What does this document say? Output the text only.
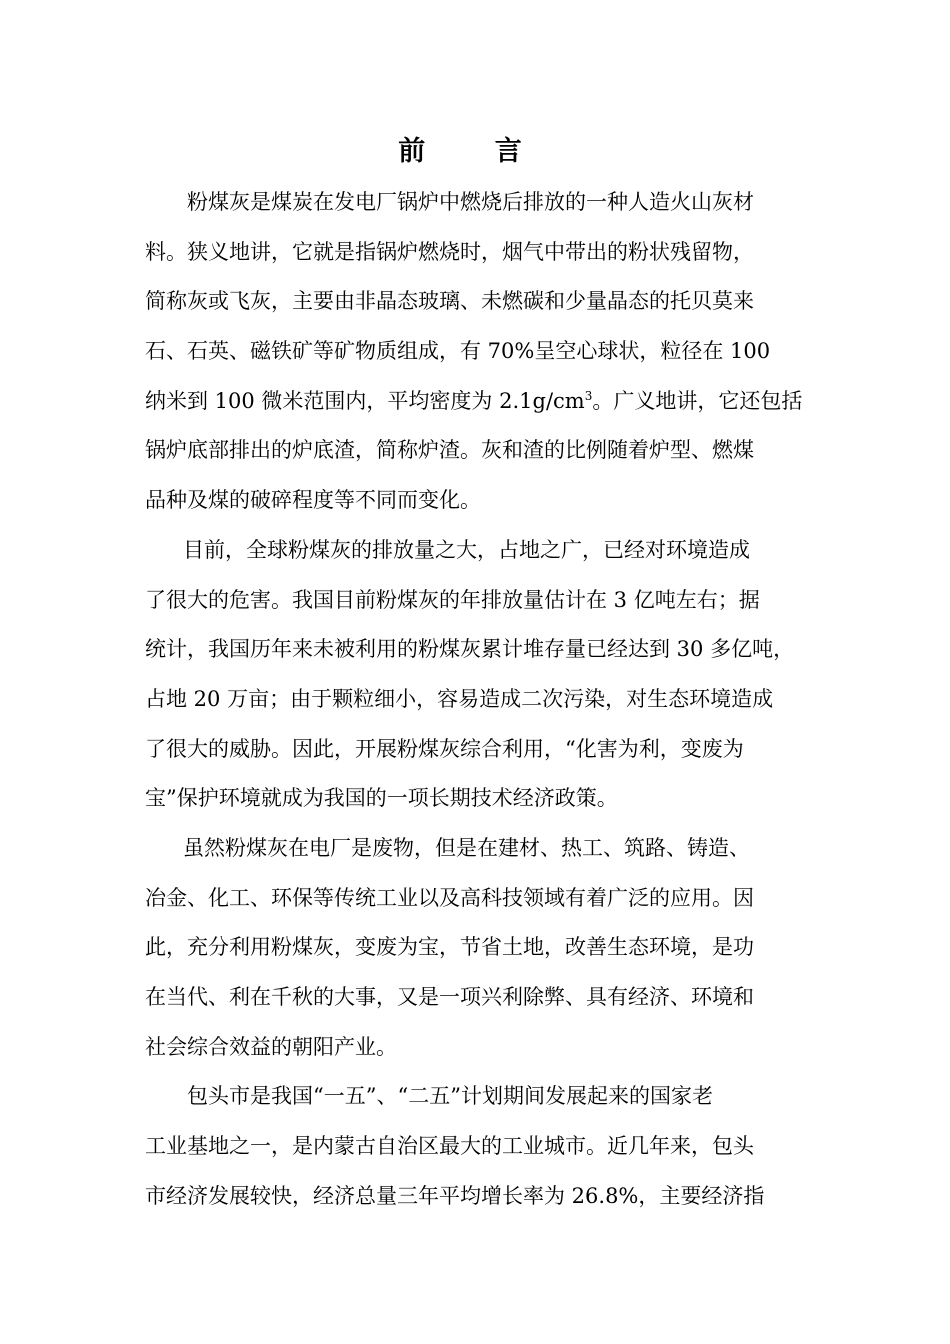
前 言
粉煤灰是煤炭在发电厂锅炉中燃烧后排放的一种人造火山灰材
料。狭义地讲，它就是指锅炉燃烧时，烟气中带出的粉状残留物，
简称灰或飞灰，主要由非晶态玻璃、未燃碳和少量晶态的托贝莫来
石、石英、磁铁矿等矿物质组成，有 70%呈空心球状，粒径在 100
纳米到 100 微米范围内，平均密度为 $2.1g/cm^3$。广义地讲，它还包括
锅炉底部排出的炉底渣，简称炉渣。灰和渣的比例随着炉型、燃煤
品种及煤的破碎程度等不同而变化。
目前，全球粉煤灰的排放量之大，占地之广，已经对环境造成
了很大的危害。我国目前粉煤灰的年排放量估计在 3 亿吨左右；据
统计，我国历年来未被利用的粉煤灰累计堆存量已经达到 30 多亿吨，
占地 20 万亩；由于颗粒细小，容易造成二次污染，对生态环境造成
了很大的威胁。因此，开展粉煤灰综合利用，“化害为利，变废为
宝”保护环境就成为我国的一项长期技术经济政策。
虽然粉煤灰在电厂是废物，但是在建材、热工、筑路、铸造、
冶金、化工、环保等传统工业以及高科技领域有着广泛的应用。因
此，充分利用粉煤灰，变废为宝，节省土地，改善生态环境，是功
在当代、利在千秋的大事，又是一项兴利除弊、具有经济、环境和
社会综合效益的朝阳产业。
包头市是我国“一五”、“二五”计划期间发展起来的国家老
工业基地之一，是内蒙古自治区最大的工业城市。近几年来，包头
市经济发展较快，经济总量三年平均增长率为 26.8%，主要经济指
